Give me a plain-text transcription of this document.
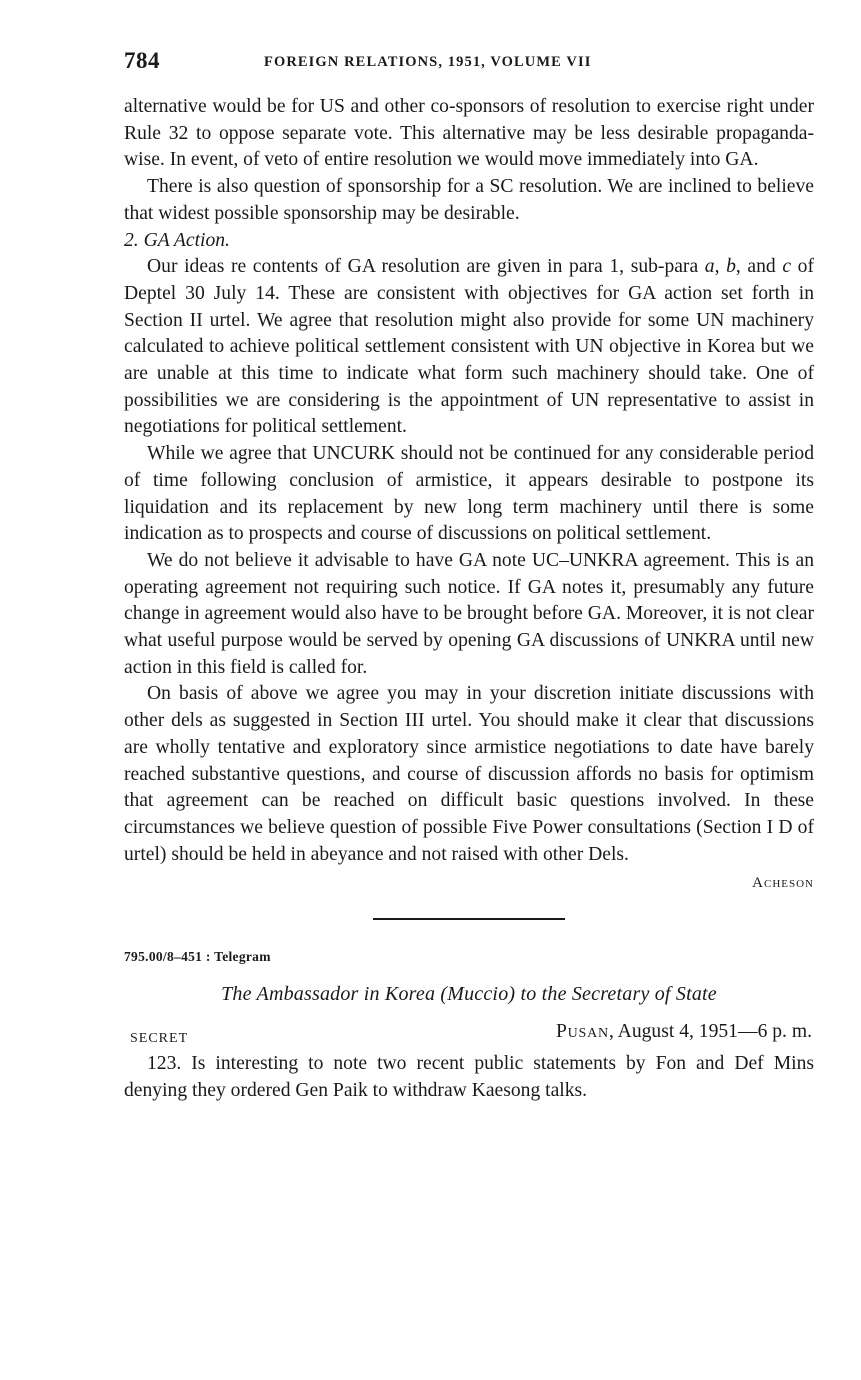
784	FOREIGN RELATIONS, 1951, VOLUME VII

alternative would be for US and other co-sponsors of resolution to exercise right under Rule 32 to oppose separate vote. This alternative may be less desirable propaganda-wise. In event, of veto of entire resolution we would move immediately into GA.

There is also question of sponsorship for a SC resolution. We are inclined to believe that widest possible sponsorship may be desirable.

2. GA Action.

Our ideas re contents of GA resolution are given in para 1, sub-para a, b, and c of Deptel 30 July 14. These are consistent with objectives for GA action set forth in Section II urtel. We agree that resolution might also provide for some UN machinery calculated to achieve political settlement consistent with UN objective in Korea but we are unable at this time to indicate what form such machinery should take. One of possibilities we are considering is the appointment of UN representative to assist in negotiations for political settlement.

While we agree that UNCURK should not be continued for any considerable period of time following conclusion of armistice, it appears desirable to postpone its liquidation and its replacement by new long term machinery until there is some indication as to prospects and course of discussions on political settlement.

We do not believe it advisable to have GA note UC–UNKRA agreement. This is an operating agreement not requiring such notice. If GA notes it, presumably any future change in agreement would also have to be brought before GA. Moreover, it is not clear what useful purpose would be served by opening GA discussions of UNKRA until new action in this field is called for.

On basis of above we agree you may in your discretion initiate discussions with other dels as suggested in Section III urtel. You should make it clear that discussions are wholly tentative and exploratory since armistice negotiations to date have barely reached substantive questions, and course of discussion affords no basis for optimism that agreement can be reached on difficult basic questions involved. In these circumstances we believe question of possible Five Power consultations (Section I D of urtel) should be held in abeyance and not raised with other Dels.

Acheson
795.00/8–451 : Telegram
The Ambassador in Korea (Muccio) to the Secretary of State
SECRET	Pusan, August 4, 1951—6 p. m.

123. Is interesting to note two recent public statements by Fon and Def Mins denying they ordered Gen Paik to withdraw Kaesong talks.
